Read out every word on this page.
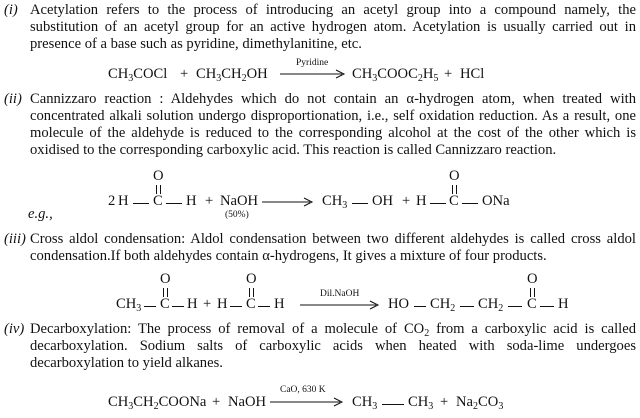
(i) Acetylation refers to the process of introducing an acetyl group into a compound namely, the substitution of an acetyl group for an active hydrogen atom. Acetylation is usually carried out in presence of a base such as pyridine, dimethylanitine, etc.
$CH_3COCl + CH_3CH_2OH$
Pyridine
$CH_3COOC_2H_5$ + HCl
(ii) Cannizzaro reaction : Aldehydes which do not contain an α-hydrogen atom, when treated with concentrated alkali solution undergo disproportionation, i.e., self oxidation reduction. As a result, one molecule of the aldehyde is reduced to the corresponding alcohol at the cost of the other which is oxidised to the corresponding carboxylic acid. This reaction is called Cannizzaro reaction.
e.g.,
2 H C H
O
+ NaOH
(50%)
→ $CH_3$ OH + H C
O
ONa
(iii) Cross aldol condensation: Aldol condensation between two different aldehydes is called cross aldol condensation.If both aldehydes contain α-hydrogens, It gives a mixture of four products.
$CH_3$ C
O
H + H C
O
H
Dil.NaOH
HO $CH_2$ $CH_2$ C
O
H
(iv) Decarboxylation: The process of removal of a molecule of $CO_2$ from a carboxylic acid is called decarboxylation. Sodium salts of carboxylic acids when heated with soda-lime undergoes decarboxylation to yield alkanes.
$CH_3CH_2COONa$ + NaOH
CaO, 630 K
$CH_3$ $CH_3 + Na_2CO_3$
